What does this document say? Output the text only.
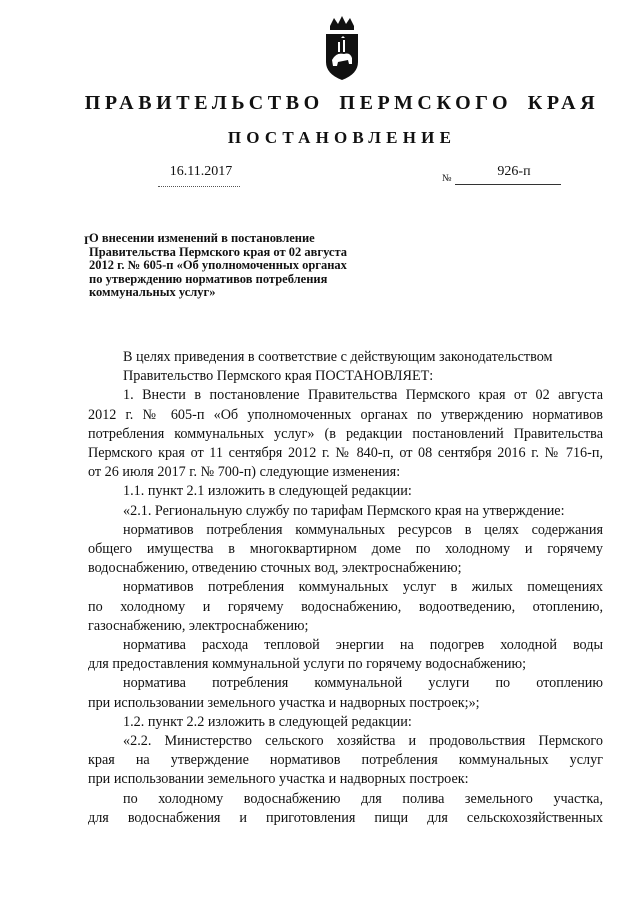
ПРАВИТЕЛЬСТВО ПЕРМСКОГО КРАЯ
ПОСТАНОВЛЕНИЕ
16.11.2017	926-п
№
Г
О внесении изменений в постановление
Правительства Пермского края от 02 августа
2012 г. № 605-п «Об уполномоченных органах
по утверждению нормативов потребления
коммунальных услуг»
В целях приведения в соответствие с действующим законодательством
Правительство Пермского края ПОСТАНОВЛЯЕТ:
1. Внести в постановление Правительства Пермского края от 02 августа
2012 г. № 605-п «Об уполномоченных органах по утверждению нормативов
потребления коммунальных услуг» (в редакции постановлений Правительства
Пермского края от 11 сентября 2012 г. № 840-п, от 08 сентября 2016 г. № 716-п,
от 26 июля 2017 г. № 700-п) следующие изменения:
1.1. пункт 2.1 изложить в следующей редакции:
«2.1. Региональную службу по тарифам Пермского края на утверждение:
нормативов потребления коммунальных ресурсов в целях содержания
общего имущества в многоквартирном доме по холодному и горячему
водоснабжению, отведению сточных вод, электроснабжению;
нормативов потребления коммунальных услуг в жилых помещениях
по холодному и горячему водоснабжению, водоотведению, отоплению,
газоснабжению, электроснабжению;
норматива расхода тепловой энергии на подогрев холодной воды
для предоставления коммунальной услуги по горячему водоснабжению;
норматива потребления коммунальной услуги по отоплению
при использовании земельного участка и надворных построек;»;
1.2. пункт 2.2 изложить в следующей редакции:
«2.2. Министерство сельского хозяйства и продовольствия Пермского
края на утверждение нормативов потребления коммунальных услуг
при использовании земельного участка и надворных построек:
по холодному водоснабжению для полива земельного участка,
для водоснабжения и приготовления пищи для сельскохозяйственных
